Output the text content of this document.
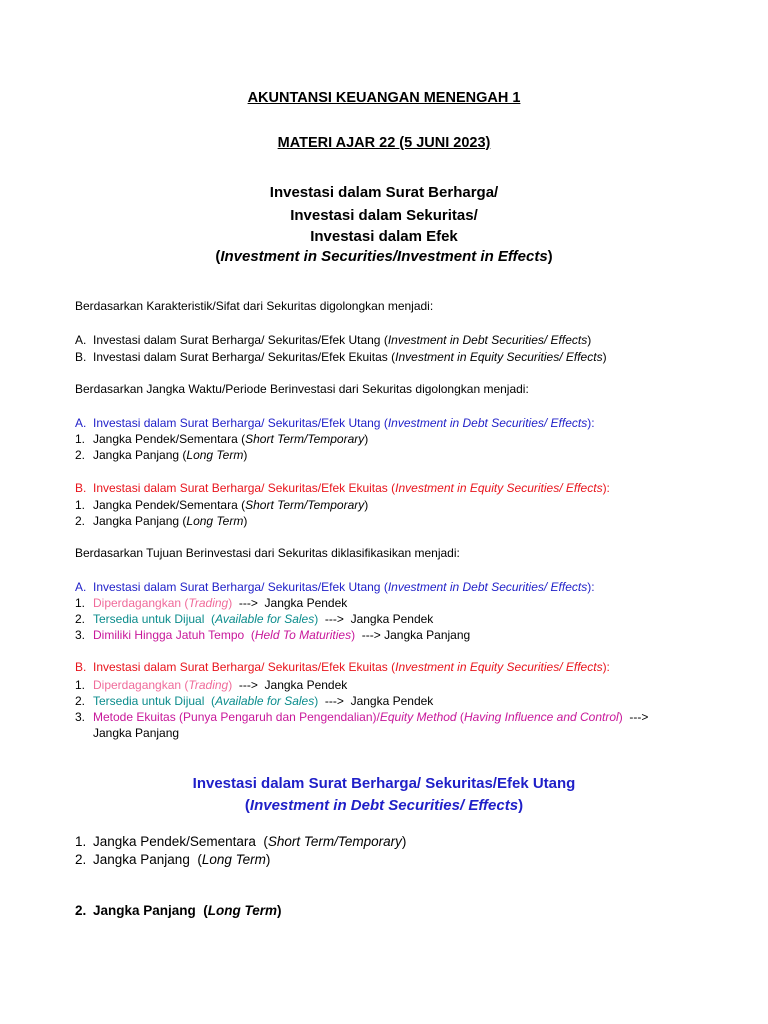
AKUNTANSI KEUANGAN MENENGAH 1
MATERI AJAR 22 (5 JUNI 2023)
Investasi dalam Surat Berharga/
Investasi dalam Sekuritas/
Investasi dalam Efek
(Investment in Securities/Investment in Effects)
Berdasarkan Karakteristik/Sifat dari Sekuritas digolongkan menjadi:
A. Investasi dalam Surat Berharga/ Sekuritas/Efek Utang (Investment in Debt Securities/ Effects)
B. Investasi dalam Surat Berharga/ Sekuritas/Efek Ekuitas (Investment in Equity Securities/ Effects)
Berdasarkan Jangka Waktu/Periode Berinvestasi dari Sekuritas digolongkan menjadi:
A. Investasi dalam Surat Berharga/ Sekuritas/Efek Utang (Investment in Debt Securities/ Effects):
1. Jangka Pendek/Sementara (Short Term/Temporary)
2. Jangka Panjang (Long Term)
B. Investasi dalam Surat Berharga/ Sekuritas/Efek Ekuitas (Investment in Equity Securities/ Effects):
1. Jangka Pendek/Sementara (Short Term/Temporary)
2. Jangka Panjang (Long Term)
Berdasarkan Tujuan Berinvestasi dari Sekuritas diklasifikasikan menjadi:
A. Investasi dalam Surat Berharga/ Sekuritas/Efek Utang (Investment in Debt Securities/ Effects):
1. Diperdagangkan (Trading)  --->  Jangka Pendek
2. Tersedia untuk Dijual  (Available for Sales)  --->  Jangka Pendek
3. Dimiliki Hingga Jatuh Tempo  (Held To Maturities)  ---> Jangka Panjang
B. Investasi dalam Surat Berharga/ Sekuritas/Efek Ekuitas (Investment in Equity Securities/ Effects):
1. Diperdagangkan (Trading)  --->  Jangka Pendek
2. Tersedia untuk Dijual  (Available for Sales)  --->  Jangka Pendek
3. Metode Ekuitas (Punya Pengaruh dan Pengendalian)/Equity Method (Having Influence and Control)  --->
Jangka Panjang
Investasi dalam Surat Berharga/ Sekuritas/Efek Utang
(Investment in Debt Securities/ Effects)
1. Jangka Pendek/Sementara  (Short Term/Temporary)
2. Jangka Panjang  (Long Term)
2. Jangka Panjang  (Long Term)
